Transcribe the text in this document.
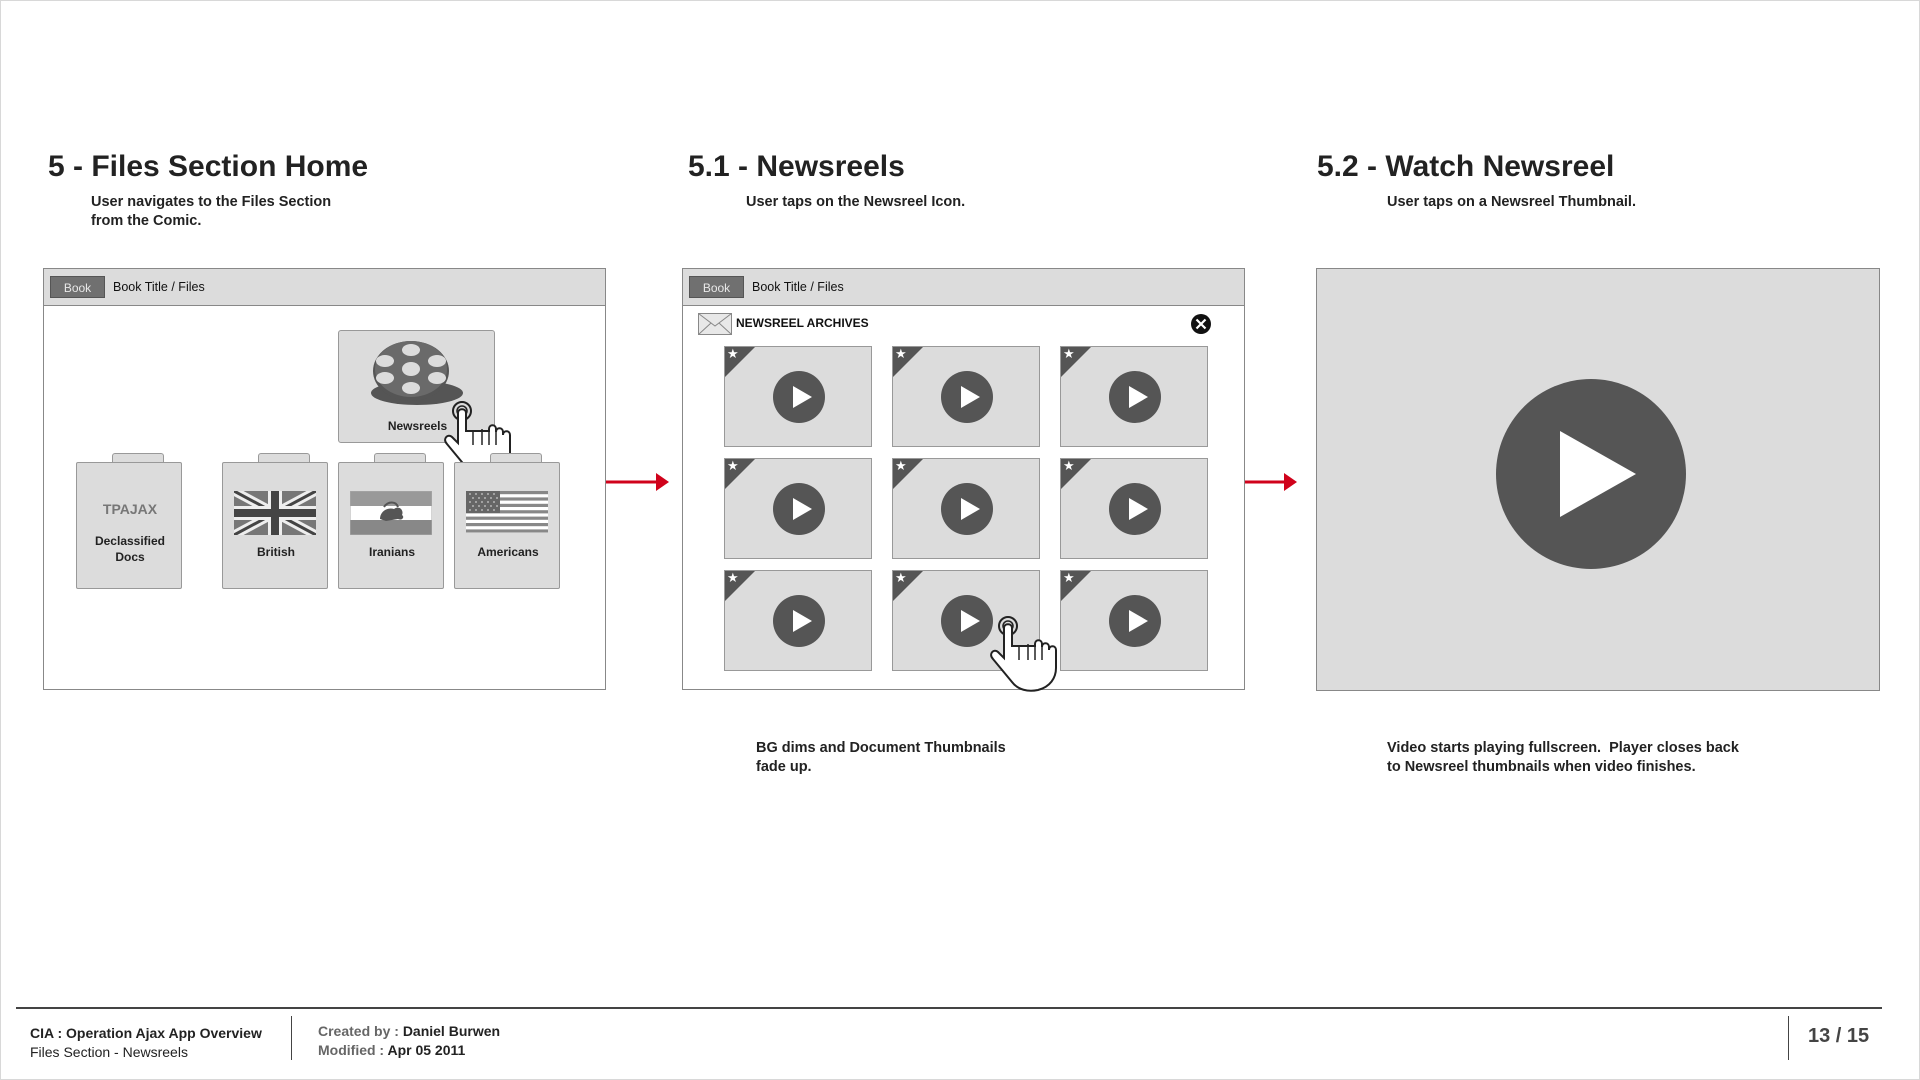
5 - Files Section Home
User navigates to the Files Section
from the Comic.
5.1 - Newsreels
User taps on the Newsreel Icon.
5.2 - Watch Newsreel
User taps on a Newsreel Thumbnail.
Book	Book Title / Files
Newsreels
TPAJAX
Declassified
Docs	British	Iranians	Americans
Book	Book Title / Files
NEWSREEL ARCHIVES
★	★	★
★	★	★
★	★	★
BG dims and Document Thumbnails
fade up.
Video starts playing fullscreen.  Player closes back
to Newsreel thumbnails when video finishes.
CIA : Operation Ajax App Overview
Files Section - Newsreels
Created by : Daniel Burwen
Modified : Apr 05 2011
13 / 15
